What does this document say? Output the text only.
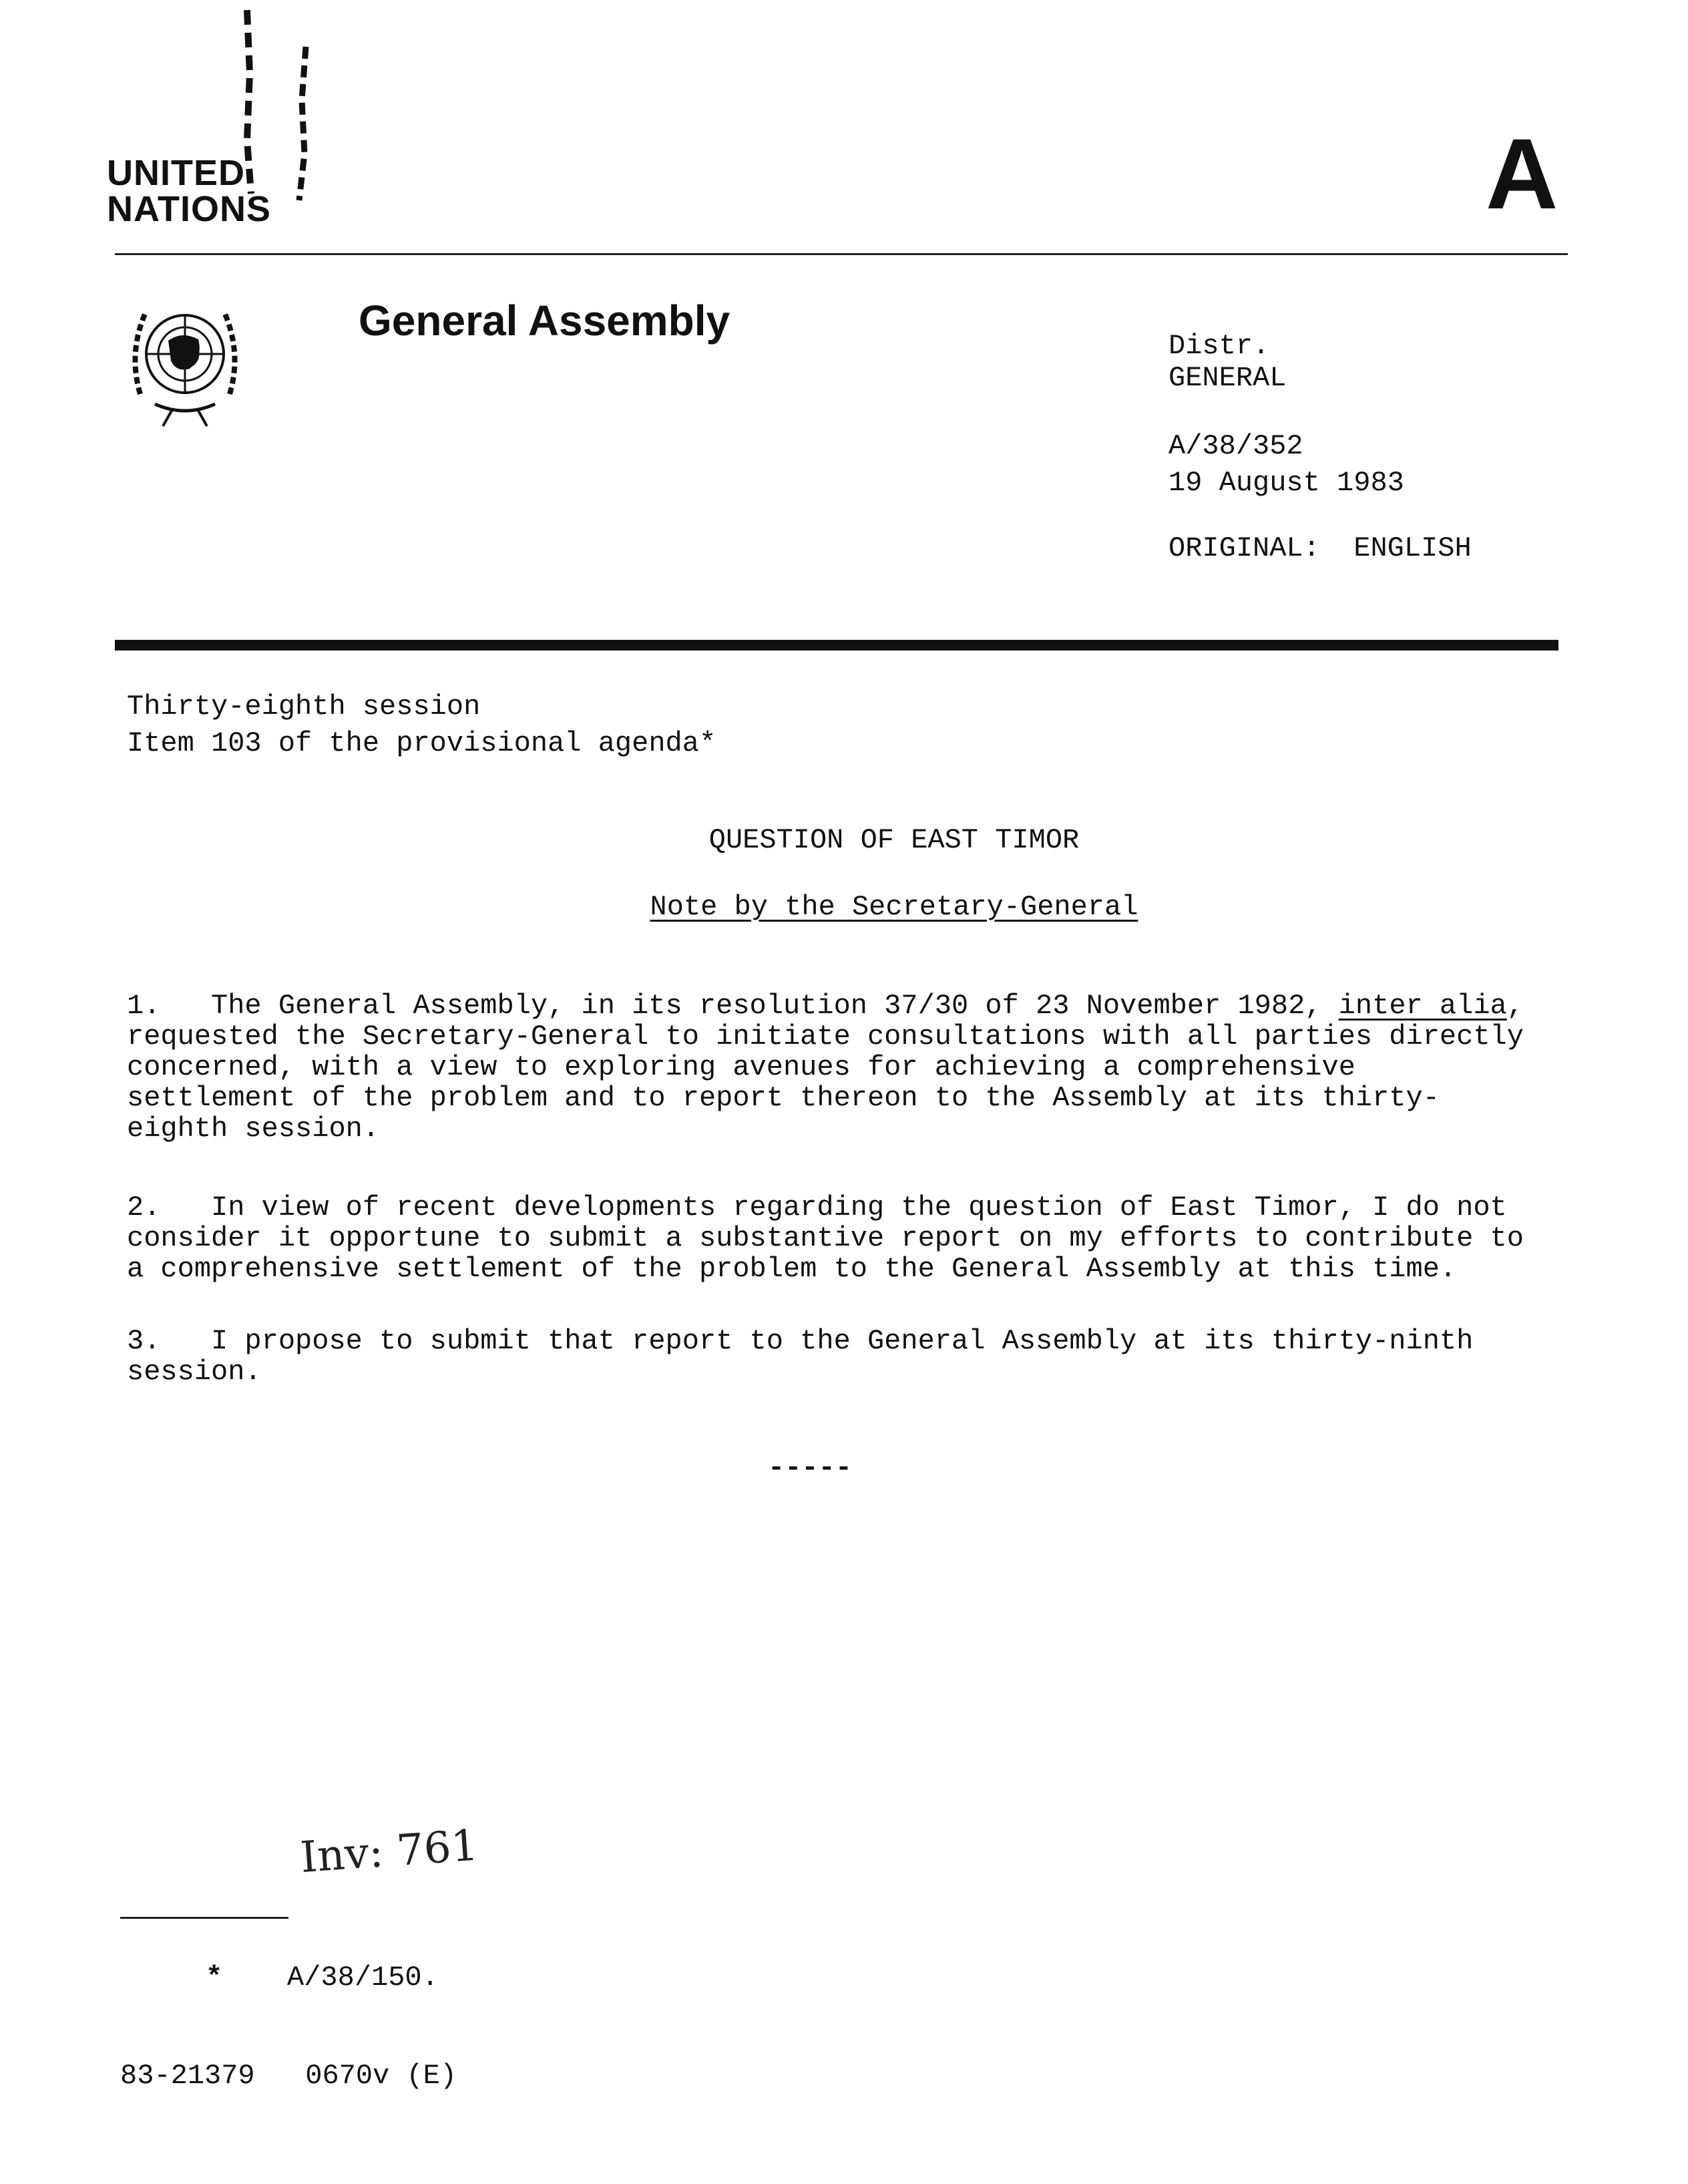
UNITED
NATIONS	A
General Assembly
Distr.
GENERAL
A/38/352
19 August 1983
ORIGINAL: ENGLISH
Thirty-eighth session
Item 103 of the provisional agenda*
QUESTION OF EAST TIMOR
Note by the Secretary-General
1.   The General Assembly, in its resolution 37/30 of 23 November 1982, inter alia,
requested the Secretary-General to initiate consultations with all parties directly
concerned, with a view to exploring avenues for achieving a comprehensive
settlement of the problem and to report thereon to the Assembly at its thirty-
eighth session.
2.   In view of recent developments regarding the question of East Timor, I do not
consider it opportune to submit a substantive report on my efforts to contribute to
a comprehensive settlement of the problem to the General Assembly at this time.
3.   I propose to submit that report to the General Assembly at its thirty-ninth
session.
-----
Inv: 761
* A/38/150.
83-21379   0670v (E)
